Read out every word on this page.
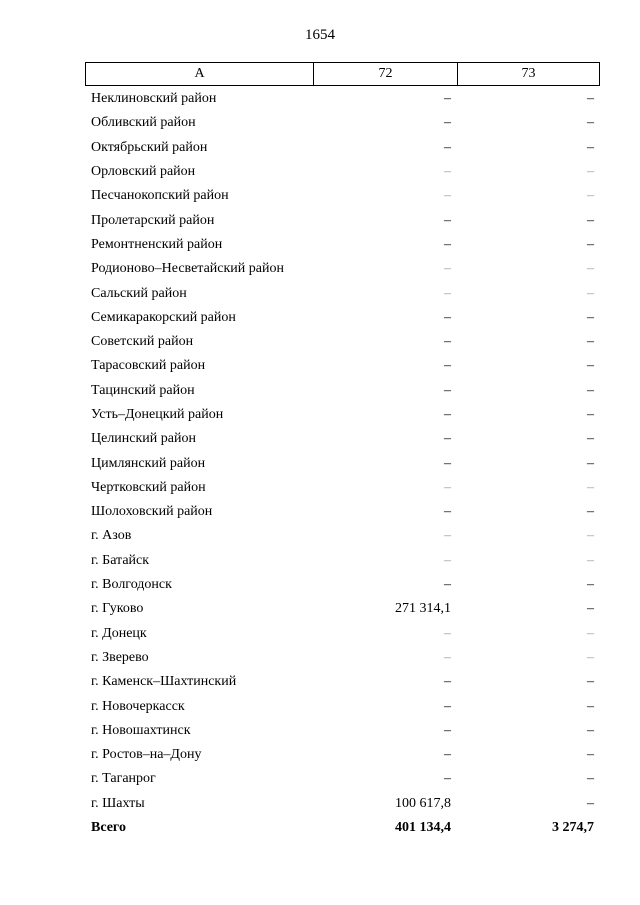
1654
А	72	73
Неклиновский район	–	–
Обливский район	–	–
Октябрьский район	–	–
Орловский район	–	–
Песчанокопский район	–	–
Пролетарский район	–	–
Ремонтненский район	–	–
Родионово–Несветайский район	–	–
Сальский район	–	–
Семикаракорский район	–	–
Советский район	–	–
Тарасовский район	–	–
Тацинский район	–	–
Усть–Донецкий район	–	–
Целинский район	–	–
Цимлянский район	–	–
Чертковский район	–	–
Шолоховский район	–	–
г. Азов	–	–
г. Батайск	–	–
г. Волгодонск	–	–
г. Гуково	271 314,1	–
г. Донецк	–	–
г. Зверево	–	–
г. Каменск–Шахтинский	–	–
г. Новочеркасск	–	–
г. Новошахтинск	–	–
г. Ростов–на–Дону	–	–
г. Таганрог	–	–
г. Шахты	100 617,8	–
Всего	401 134,4	3 274,7
